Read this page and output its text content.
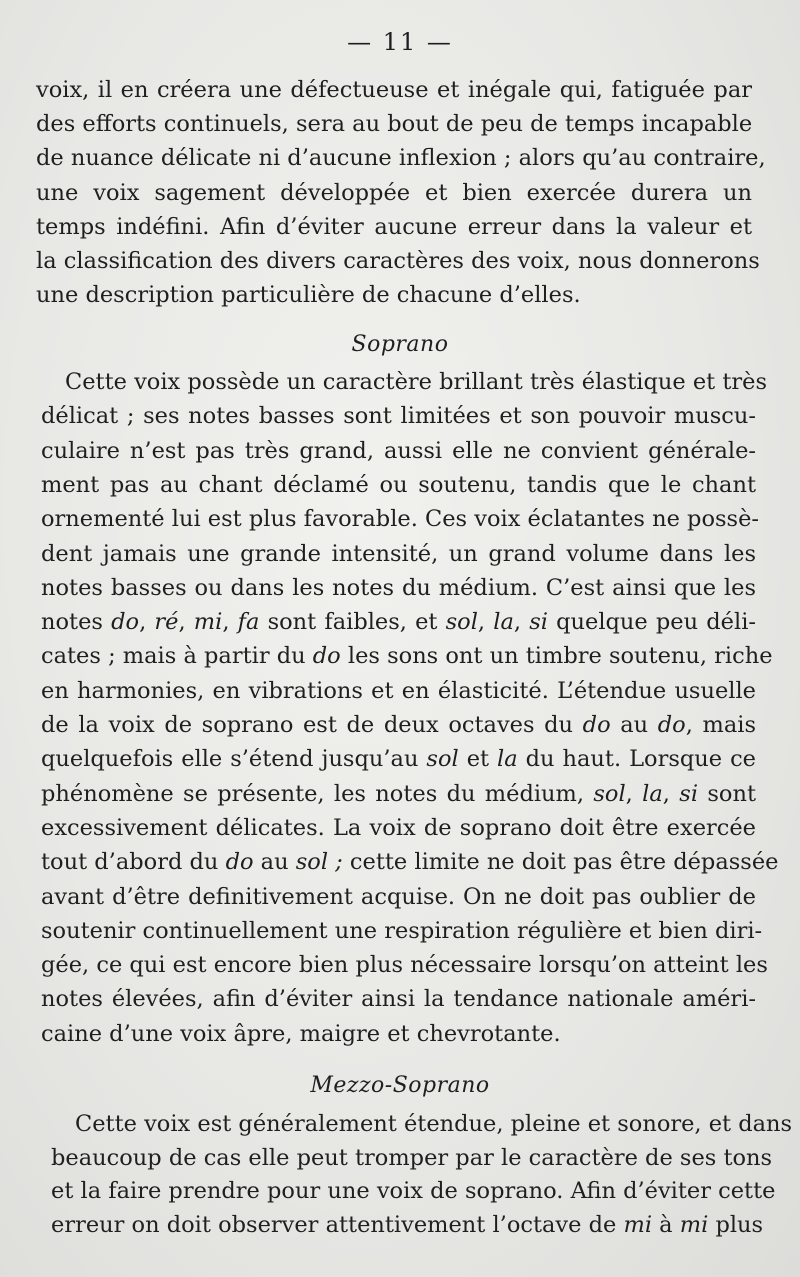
— 11 —
voix, il en créera une défectueuse et inégale qui, fatiguée par
des efforts continuels, sera au bout de peu de temps incapable
de nuance délicate ni d’aucune inflexion ; alors qu’au contraire,
une voix sagement développée et bien exercée durera un
temps indéfini. Afin d’éviter aucune erreur dans la valeur et
la classification des divers caractères des voix, nous donnerons
une description particulière de chacune d’elles.
Soprano
Cette voix possède un caractère brillant très élastique et très
délicat ; ses notes basses sont limitées et son pouvoir muscu-
culaire n’est pas très grand, aussi elle ne convient générale-
ment pas au chant déclamé ou soutenu, tandis que le chant
ornementé lui est plus favorable. Ces voix éclatantes ne possè-
dent jamais une grande intensité, un grand volume dans les
notes basses ou dans les notes du médium. C’est ainsi que les
notes do, ré, mi, fa sont faibles, et sol, la, si quelque peu déli-
cates ; mais à partir du do les sons ont un timbre soutenu, riche
en harmonies, en vibrations et en élasticité. L’étendue usuelle
de la voix de soprano est de deux octaves du do au do, mais
quelquefois elle s’étend jusqu’au sol et la du haut. Lorsque ce
phénomène se présente, les notes du médium, sol, la, si sont
excessivement délicates. La voix de soprano doit être exercée
tout d’abord du do au sol ; cette limite ne doit pas être dépassée
avant d’être definitivement acquise. On ne doit pas oublier de
soutenir continuellement une respiration régulière et bien diri-
gée, ce qui est encore bien plus nécessaire lorsqu’on atteint les
notes élevées, afin d’éviter ainsi la tendance nationale améri-
caine d’une voix âpre, maigre et chevrotante.
Mezzo-Soprano
Cette voix est généralement étendue, pleine et sonore, et dans
beaucoup de cas elle peut tromper par le caractère de ses tons
et la faire prendre pour une voix de soprano. Afin d’éviter cette
erreur on doit observer attentivement l’octave de mi à mi plus
